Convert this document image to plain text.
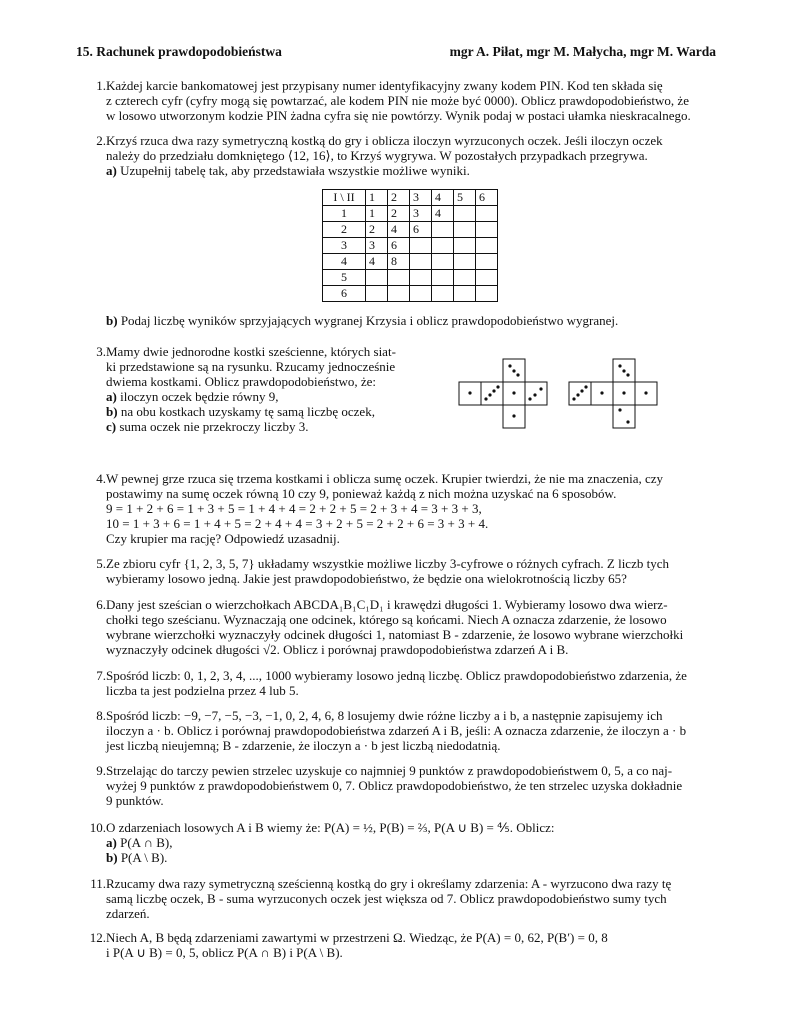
15. Rachunek prawdopodobieństwa	mgr A. Piłat, mgr M. Małycha, mgr M. Warda
1. Każdej karcie bankomatowej jest przypisany numer identyfikacyjny zwany kodem PIN. Kod ten składa się
z czterech cyfr (cyfry mogą się powtarzać, ale kodem PIN nie może być 0000). Oblicz prawdopodobieństwo, że
w losowo utworzonym kodzie PIN żadna cyfra się nie powtórzy. Wynik podaj w postaci ułamka nieskracalnego.
2. Krzyś rzuca dwa razy symetryczną kostką do gry i oblicza iloczyn wyrzuconych oczek. Jeśli iloczyn oczek
należy do przedziału domkniętego ⟨12, 16⟩, to Krzyś wygrywa. W pozostałych przypadkach przegrywa.
a) Uzupełnij tabelę tak, aby przedstawiała wszystkie możliwe wyniki.
I \ II	1	2	3	4	5	6
1	1	2	3	4		
2	2	4	6			
3	3	6				
4	4	8				
5						
6						
b) Podaj liczbę wyników sprzyjających wygranej Krzysia i oblicz prawdopodobieństwo wygranej.
3. Mamy dwie jednorodne kostki sześcienne, których siat-
ki przedstawione są na rysunku. Rzucamy jednocześnie
dwiema kostkami. Oblicz prawdopodobieństwo, że:
a) iloczyn oczek będzie równy 9,
b) na obu kostkach uzyskamy tę samą liczbę oczek,
c) suma oczek nie przekroczy liczby 3.
4. W pewnej grze rzuca się trzema kostkami i oblicza sumę oczek. Krupier twierdzi, że nie ma znaczenia, czy
postawimy na sumę oczek równą 10 czy 9, ponieważ każdą z nich można uzyskać na 6 sposobów.
9 = 1 + 2 + 6 = 1 + 3 + 5 = 1 + 4 + 4 = 2 + 2 + 5 = 2 + 3 + 4 = 3 + 3 + 3,
10 = 1 + 3 + 6 = 1 + 4 + 5 = 2 + 4 + 4 = 3 + 2 + 5 = 2 + 2 + 6 = 3 + 3 + 4.
Czy krupier ma rację? Odpowiedź uzasadnij.
5. Ze zbioru cyfr {1, 2, 3, 5, 7} układamy wszystkie możliwe liczby 3-cyfrowe o różnych cyfrach. Z liczb tych
wybieramy losowo jedną. Jakie jest prawdopodobieństwo, że będzie ona wielokrotnością liczby 65?
6. Dany jest sześcian o wierzchołkach ABCDA₁B₁C₁D₁ i krawędzi długości 1. Wybieramy losowo dwa wierz-
chołki tego sześcianu. Wyznaczają one odcinek, którego są końcami. Niech A oznacza zdarzenie, że losowo
wybrane wierzchołki wyznaczyły odcinek długości 1, natomiast B - zdarzenie, że losowo wybrane wierzchołki
wyznaczyły odcinek długości √2. Oblicz i porównaj prawdopodobieństwa zdarzeń A i B.
7. Spośród liczb: 0, 1, 2, 3, 4, ..., 1000 wybieramy losowo jedną liczbę. Oblicz prawdopodobieństwo zdarzenia, że
liczba ta jest podzielna przez 4 lub 5.
8. Spośród liczb: −9, −7, −5, −3, −1, 0, 2, 4, 6, 8 losujemy dwie różne liczby a i b, a następnie zapisujemy ich
iloczyn a · b. Oblicz i porównaj prawdopodobieństwa zdarzeń A i B, jeśli: A oznacza zdarzenie, że iloczyn a · b
jest liczbą nieujemną; B - zdarzenie, że iloczyn a · b jest liczbą niedodatnią.
9. Strzelając do tarczy pewien strzelec uzyskuje co najmniej 9 punktów z prawdopodobieństwem 0, 5, a co naj-
wyżej 9 punktów z prawdopodobieństwem 0, 7. Oblicz prawdopodobieństwo, że ten strzelec uzyska dokładnie
9 punktów.
10. O zdarzeniach losowych A i B wiemy że: P(A) = ½, P(B) = ⅔, P(A ∪ B) = ⅘. Oblicz:
a) P(A ∩ B),
b) P(A \ B).
11. Rzucamy dwa razy symetryczną sześcienną kostką do gry i określamy zdarzenia: A - wyrzucono dwa razy tę
samą liczbę oczek, B - suma wyrzuconych oczek jest większa od 7. Oblicz prawdopodobieństwo sumy tych
zdarzeń.
12. Niech A, B będą zdarzeniami zawartymi w przestrzeni Ω. Wiedząc, że P(A) = 0, 62, P(B′) = 0, 8
i P(A ∪ B) = 0, 5, oblicz P(A ∩ B) i P(A \ B).
